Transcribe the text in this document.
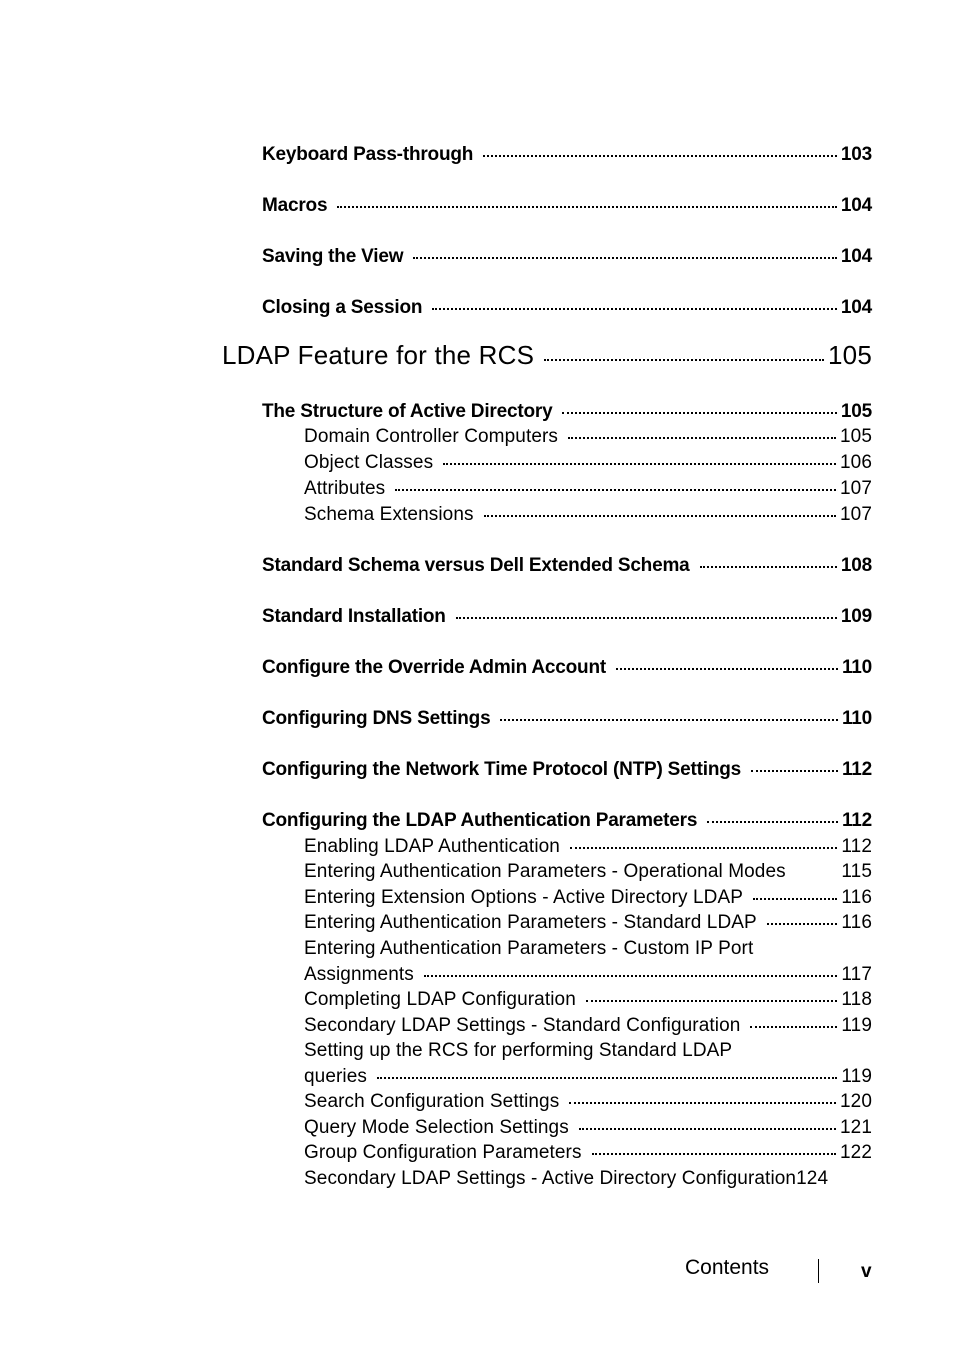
Keyboard Pass-through	103
Macros	104
Saving the View	104
Closing a Session	104
LDAP Feature for the RCS	105
The Structure of Active Directory	105
Domain Controller Computers	105
Object Classes	106
Attributes	107
Schema Extensions	107
Standard Schema versus Dell Extended Schema	108
Standard Installation	109
Configure the Override Admin Account	110
Configuring DNS Settings	110
Configuring the Network Time Protocol (NTP) Settings	112
Configuring the LDAP Authentication Parameters	112
Enabling LDAP Authentication	112
Entering Authentication Parameters - Operational Modes	115
Entering Extension Options - Active Directory LDAP	116
Entering Authentication Parameters - Standard LDAP	116
Entering Authentication Parameters - Custom IP Port
Assignments	117
Completing LDAP Configuration	118
Secondary LDAP Settings - Standard Configuration	119
Setting up the RCS for performing Standard LDAP
queries	119
Search Configuration Settings	120
Query Mode Selection Settings	121
Group Configuration Parameters	122
Secondary LDAP Settings - Active Directory Configuration 124
Contents	v
